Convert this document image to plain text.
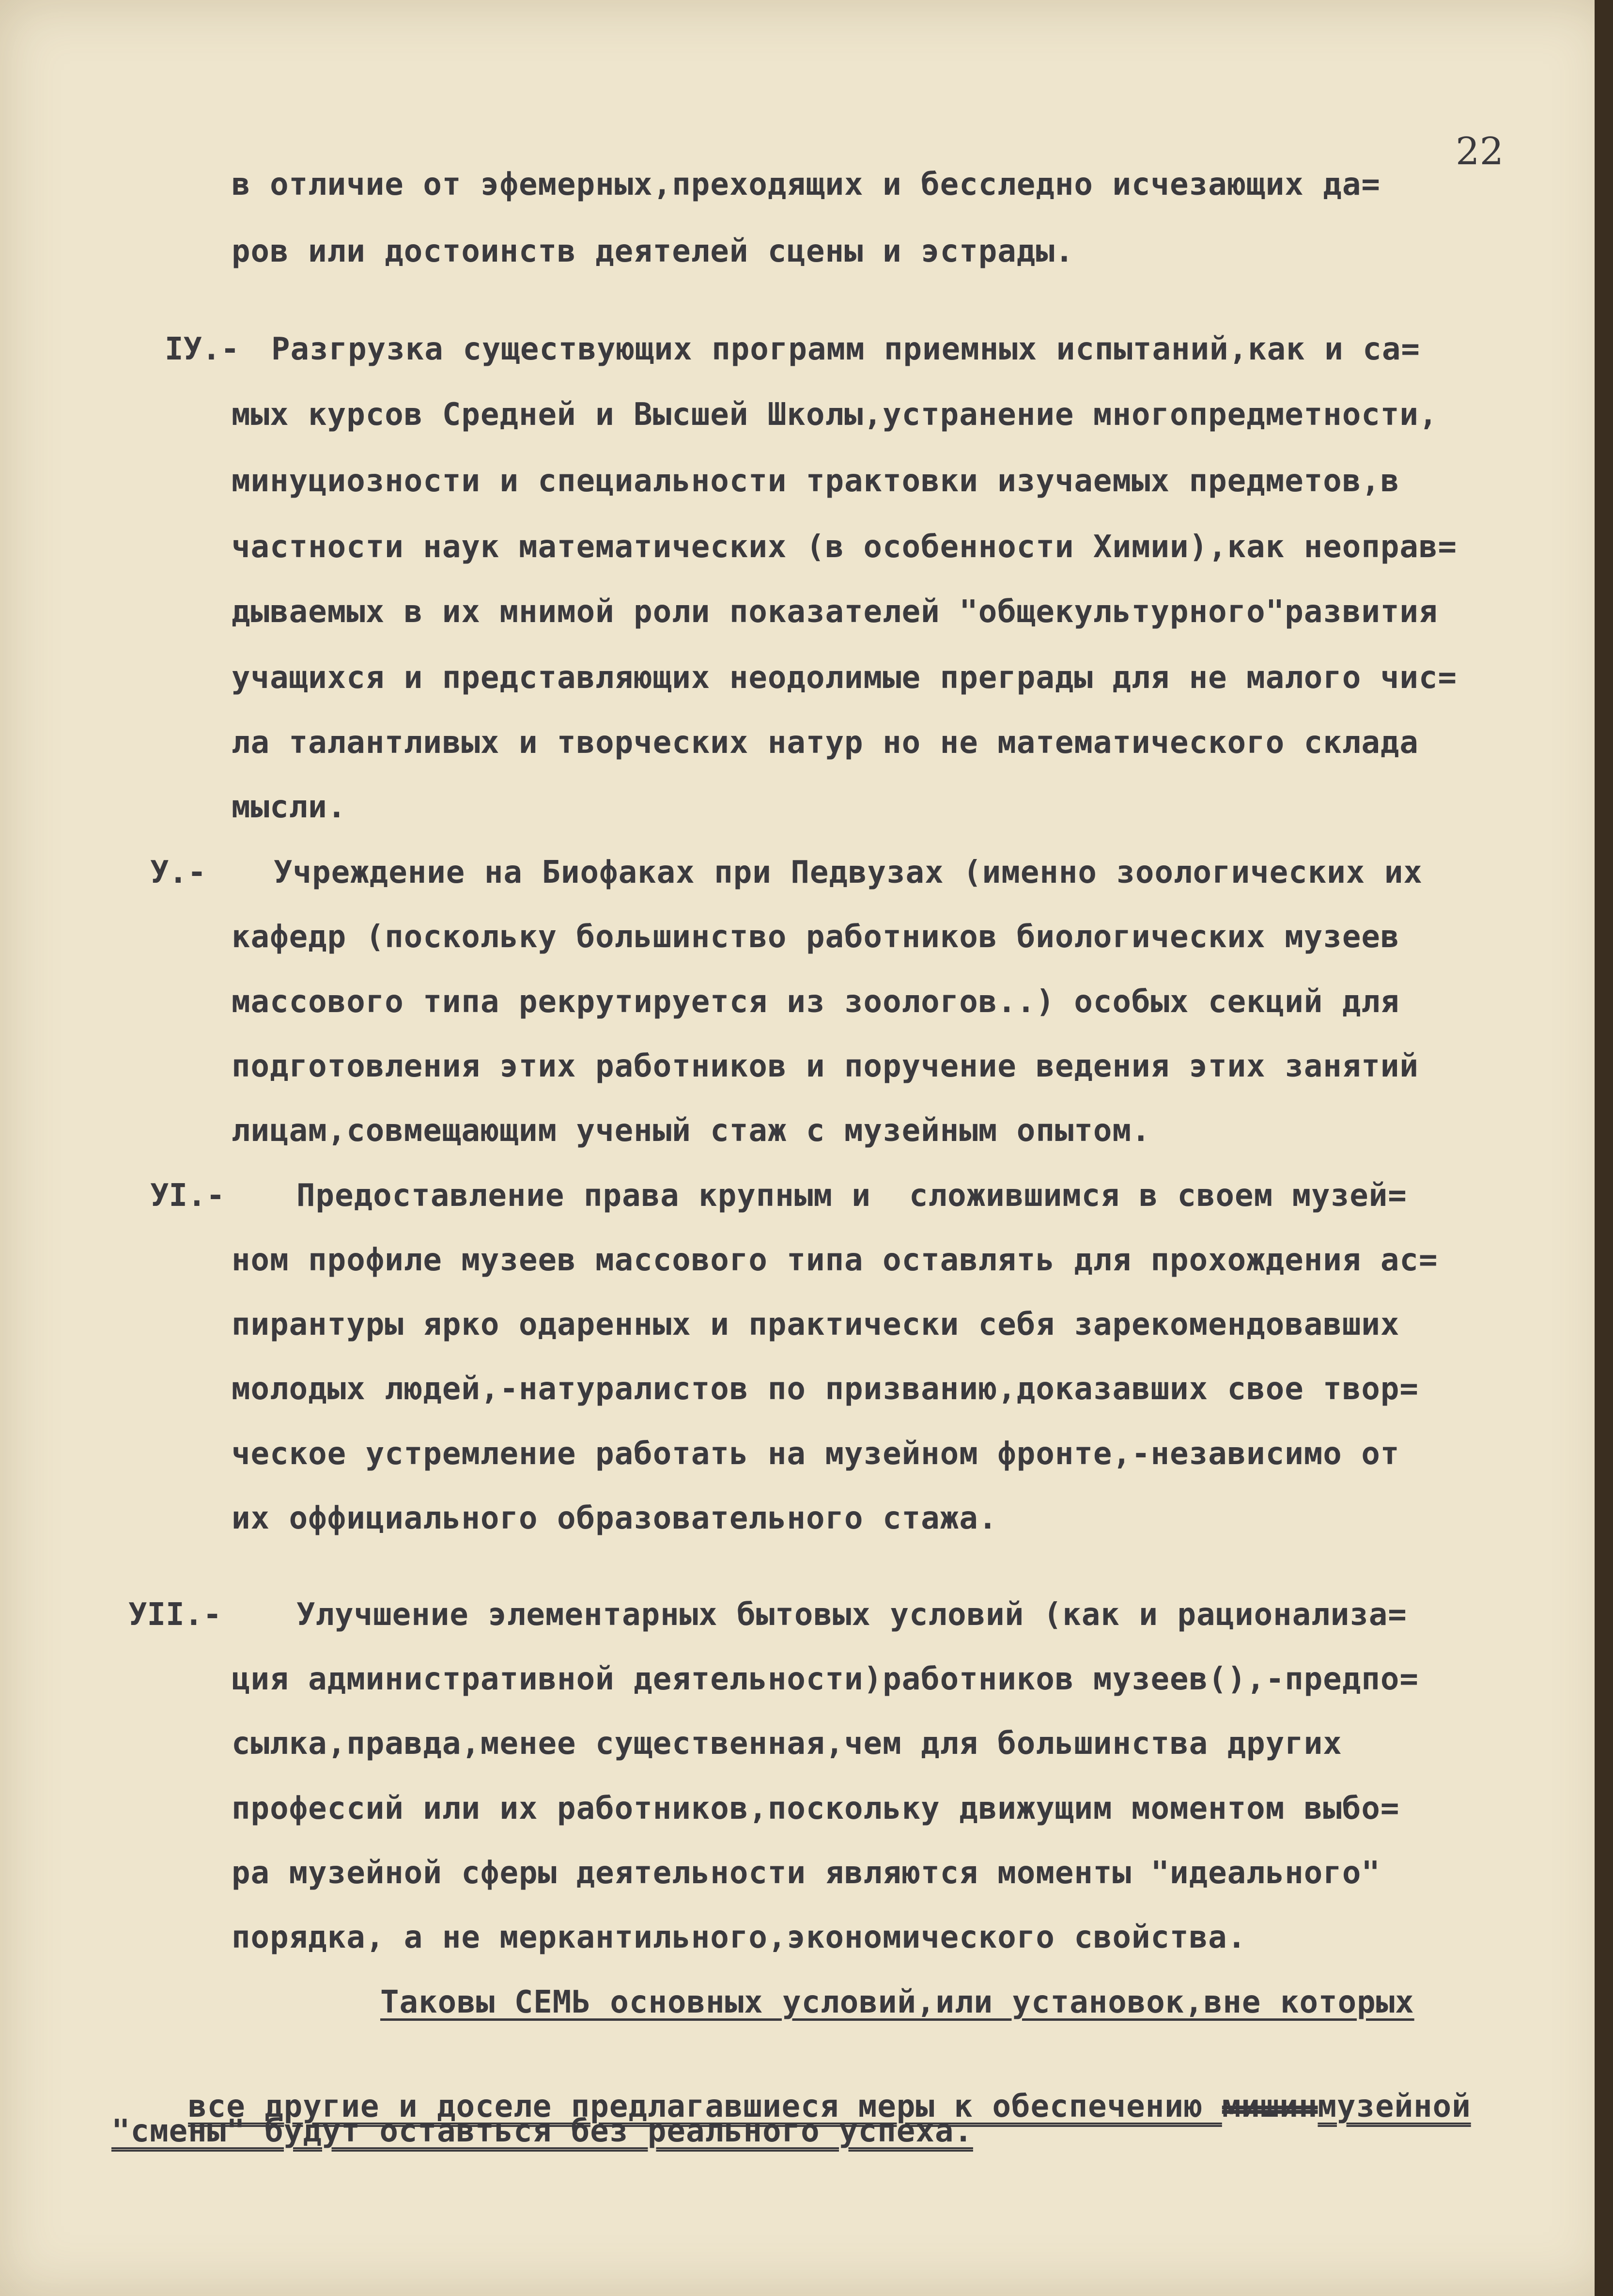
22
в отличие от эфемерных,преходящих и бесследно исчезающих да=
ров или достоинств деятелей сцены и эстрады.
IУ.- Разгрузка существующих программ приемных испытаний,как и са=
мых курсов Средней и Высшей Школы,устранение многопредметности,
минуциозности и специальности трактовки изучаемых предметов,в
частности наук математических (в особенности Химии),как неоправ=
дываемых в их мнимой роли показателей "общекультурного"развития
учащихся и представляющих неодолимые преграды для не малого чис=
ла талантливых и творческих натур но не математического склада
мысли.
У.- Учреждение на Биофаках при Педвузах (именно зоологических их
кафедр (поскольку большинство работников биологических музеев
массового типа рекрутируется из зоологов..) особых секций для
подготовления этих работников и поручение ведения этих занятий
лицам,совмещающим ученый стаж с музейным опытом.
УI.- Предоставление права крупным и  сложившимся в своем музей=
ном профиле музеев массового типа оставлять для прохождения ас=
пирантуры ярко одаренных и практически себя зарекомендовавших
молодых людей,-натуралистов по призванию,доказавших свое твор=
ческое устремление работать на музейном фронте,-независимо от
их оффициального образовательного стажа.
УII.- Улучшение элементарных бытовых условий (как и рационализа=
ция административной деятельности)работников музеев(),-предпо=
сылка,правда,менее существенная,чем для большинства других
профессий или их работников,поскольку движущим моментом выбо=
ра музейной сферы деятельности являются моменты "идеального"
порядка, а не меркантильного,экономического свойства.
Таковы СЕМЬ основных условий,или установок,вне которых

все другие и доселе предлагавшиеся меры к обеспечению мишинмузейной

"смены" будут оставться без реального успеха.
